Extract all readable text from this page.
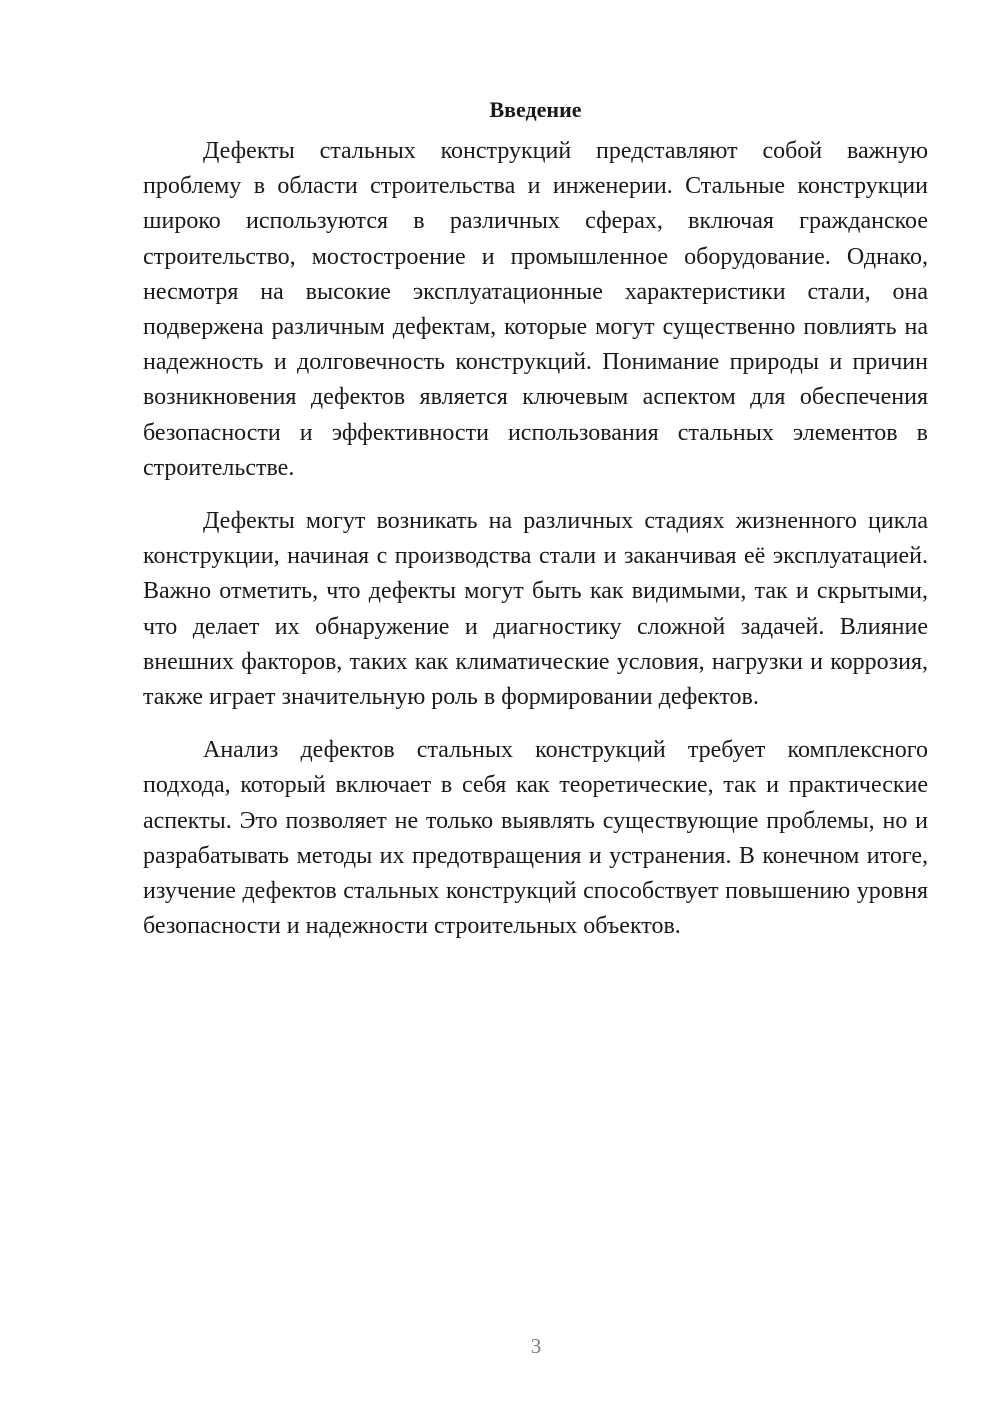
Введение

Дефекты стальных конструкций представляют собой важную проблему в области строительства и инженерии. Стальные конструкции широко используются в различных сферах, включая гражданское строительство, мостостроение и промышленное оборудование. Однако, несмотря на высокие эксплуатационные характеристики стали, она подвержена различным дефектам, которые могут существенно повлиять на надежность и долговечность конструкций. Понимание природы и причин возникновения дефектов является ключевым аспектом для обеспечения безопасности и эффективности использования стальных элементов в строительстве.

Дефекты могут возникать на различных стадиях жизненного цикла конструкции, начиная с производства стали и заканчивая её эксплуатацией. Важно отметить, что дефекты могут быть как видимыми, так и скрытыми, что делает их обнаружение и диагностику сложной задачей. Влияние внешних факторов, таких как климатические условия, нагрузки и коррозия, также играет значительную роль в формировании дефектов.

Анализ дефектов стальных конструкций требует комплексного подхода, который включает в себя как теоретические, так и практические аспекты. Это позволяет не только выявлять существующие проблемы, но и разрабатывать методы их предотвращения и устранения. В конечном итоге, изучение дефектов стальных конструкций способствует повышению уровня безопасности и надежности строительных объектов.

3
